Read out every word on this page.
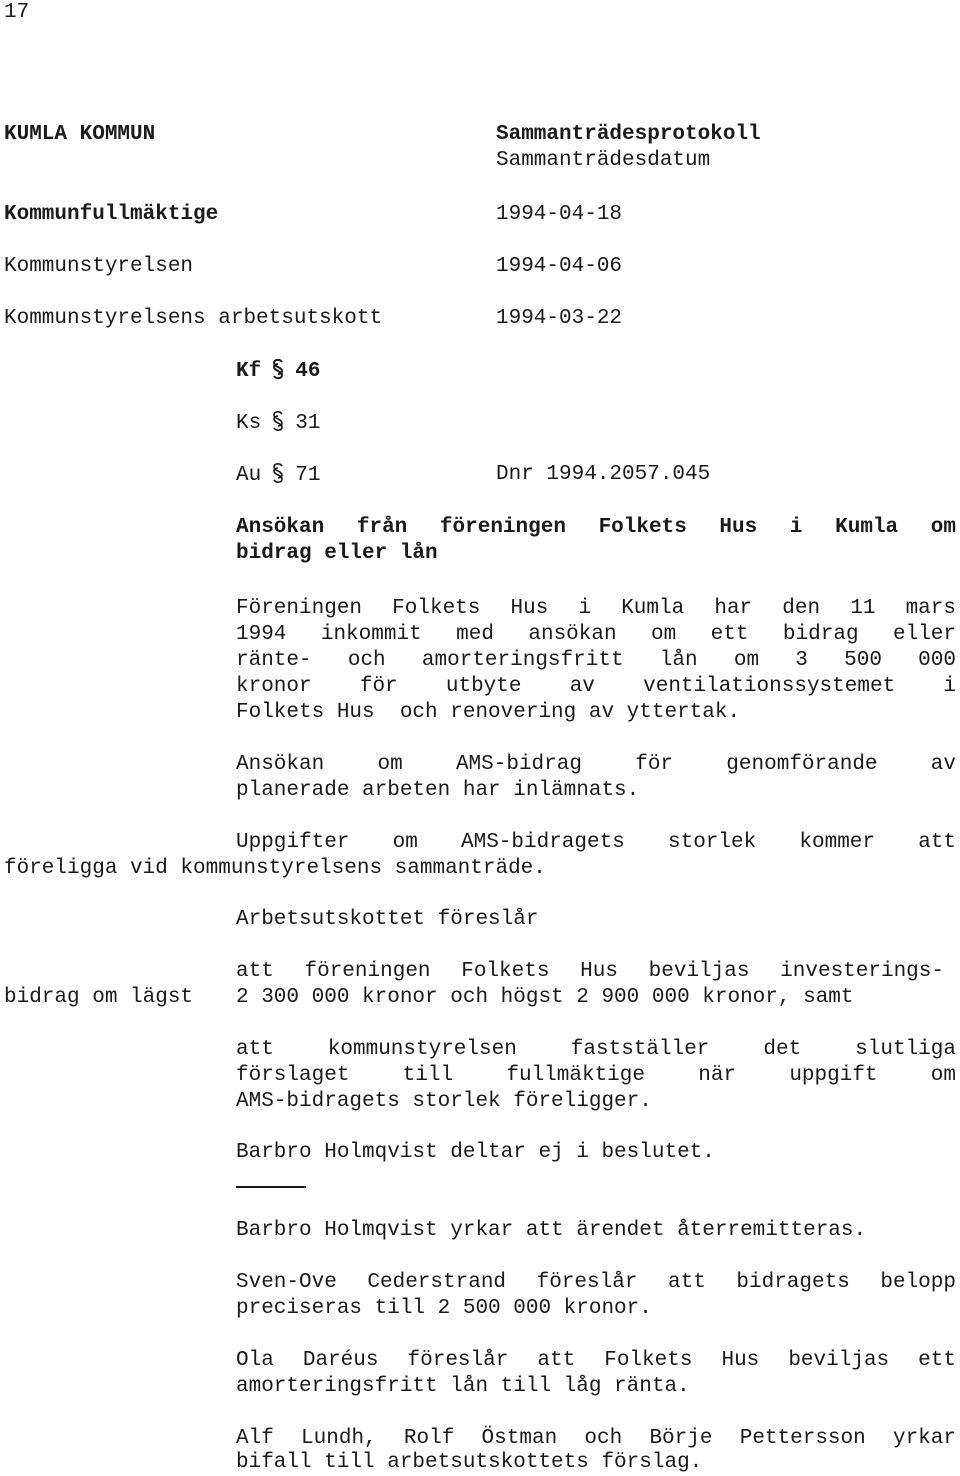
17
KUMLA KOMMUN	Sammanträdesprotokoll
Sammanträdesdatum
Kommunfullmäktige	1994-04-18
Kommunstyrelsen	1994-04-06
Kommunstyrelsens arbetsutskott	1994-03-22
Kf 46
Ks 31
Au 71	Dnr 1994.2057.045
Ansökan från föreningen Folkets Hus i Kumla om
bidrag eller lån
Föreningen Folkets Hus i Kumla har den 11 mars
1994 inkommit med ansökan om ett bidrag eller
ränte- och amorteringsfritt lån om 3 500 000
kronor för utbyte av ventilationssystemet i
Folkets Hus  och renovering av yttertak.
Ansökan om AMS-bidrag för genomförande av
planerade arbeten har inlämnats.
Uppgifter om AMS-bidragets storlek kommer att
föreligga vid kommunstyrelsens sammanträde.
Arbetsutskottet föreslår
att föreningen Folkets Hus beviljas investerings-
bidrag om lägst 2 300 000 kronor och högst 2 900 000 kronor, samt
att kommunstyrelsen fastställer det slutliga
förslaget till fullmäktige när uppgift om
AMS-bidragets storlek föreligger.
Barbro Holmqvist deltar ej i beslutet.
Barbro Holmqvist yrkar att ärendet återremitteras.
Sven-Ove Cederstrand föreslår att bidragets belopp
preciseras till 2 500 000 kronor.
Ola Daréus föreslår att Folkets Hus beviljas ett
amorteringsfritt lån till låg ränta.
Alf Lundh, Rolf Östman och Börje Pettersson yrkar
bifall till arbetsutskottets förslag.
